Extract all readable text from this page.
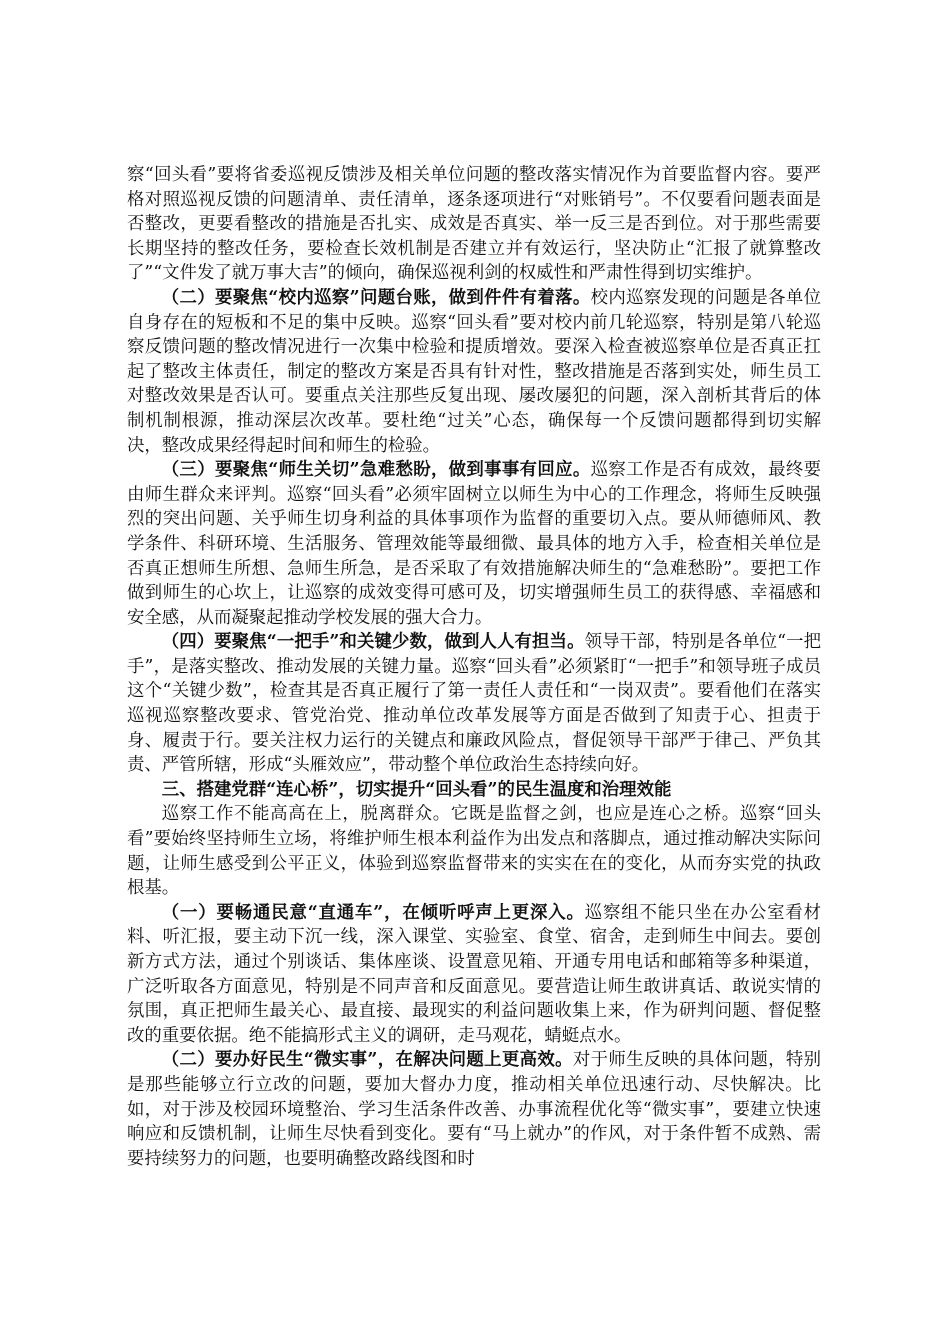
察“回头看”要将省委巡视反馈涉及相关单位问题的整改落实情况作为首要监督内容。要严格对照巡视反馈的问题清单、责任清单，逐条逐项进行“对账销号”。不仅要看问题表面是否整改，更要看整改的措施是否扎实、成效是否真实、举一反三是否到位。对于那些需要长期坚持的整改任务，要检查长效机制是否建立并有效运行，坚决防止“汇报了就算整改了”“文件发了就万事大吉”的倾向，确保巡视利剑的权威性和严肃性得到切实维护。

（二）要聚焦“校内巡察”问题台账，做到件件有着落。校内巡察发现的问题是各单位自身存在的短板和不足的集中反映。巡察“回头看”要对校内前几轮巡察，特别是第八轮巡察反馈问题的整改情况进行一次集中检验和提质增效。要深入检查被巡察单位是否真正扛起了整改主体责任，制定的整改方案是否具有针对性，整改措施是否落到实处，师生员工对整改效果是否认可。要重点关注那些反复出现、屡改屡犯的问题，深入剖析其背后的体制机制根源，推动深层次改革。要杜绝“过关”心态，确保每一个反馈问题都得到切实解决，整改成果经得起时间和师生的检验。

（三）要聚焦“师生关切”急难愁盼，做到事事有回应。巡察工作是否有成效，最终要由师生群众来评判。巡察“回头看”必须牢固树立以师生为中心的工作理念，将师生反映强烈的突出问题、关乎师生切身利益的具体事项作为监督的重要切入点。要从师德师风、教学条件、科研环境、生活服务、管理效能等最细微、最具体的地方入手，检查相关单位是否真正想师生所想、急师生所急，是否采取了有效措施解决师生的“急难愁盼”。要把工作做到师生的心坎上，让巡察的成效变得可感可及，切实增强师生员工的获得感、幸福感和安全感，从而凝聚起推动学校发展的强大合力。

（四）要聚焦“一把手”和关键少数，做到人人有担当。领导干部，特别是各单位“一把手”，是落实整改、推动发展的关键力量。巡察“回头看”必须紧盯“一把手”和领导班子成员这个“关键少数”，检查其是否真正履行了第一责任人责任和“一岗双责”。要看他们在落实巡视巡察整改要求、管党治党、推动单位改革发展等方面是否做到了知责于心、担责于身、履责于行。要关注权力运行的关键点和廉政风险点，督促领导干部严于律己、严负其责、严管所辖，形成“头雁效应”，带动整个单位政治生态持续向好。

三、搭建党群“连心桥”，切实提升“回头看”的民生温度和治理效能

巡察工作不能高高在上，脱离群众。它既是监督之剑，也应是连心之桥。巡察“回头看”要始终坚持师生立场，将维护师生根本利益作为出发点和落脚点，通过推动解决实际问题，让师生感受到公平正义，体验到巡察监督带来的实实在在的变化，从而夯实党的执政根基。

（一）要畅通民意“直通车”，在倾听呼声上更深入。巡察组不能只坐在办公室看材料、听汇报，要主动下沉一线，深入课堂、实验室、食堂、宿舍，走到师生中间去。要创新方式方法，通过个别谈话、集体座谈、设置意见箱、开通专用电话和邮箱等多种渠道，广泛听取各方面意见，特别是不同声音和反面意见。要营造让师生敢讲真话、敢说实情的氛围，真正把师生最关心、最直接、最现实的利益问题收集上来，作为研判问题、督促整改的重要依据。绝不能搞形式主义的调研，走马观花，蜻蜓点水。

（二）要办好民生“微实事”，在解决问题上更高效。对于师生反映的具体问题，特别是那些能够立行立改的问题，要加大督办力度，推动相关单位迅速行动、尽快解决。比如，对于涉及校园环境整治、学习生活条件改善、办事流程优化等“微实事”，要建立快速响应和反馈机制，让师生尽快看到变化。要有“马上就办”的作风，对于条件暂不成熟、需要持续努力的问题，也要明确整改路线图和时
